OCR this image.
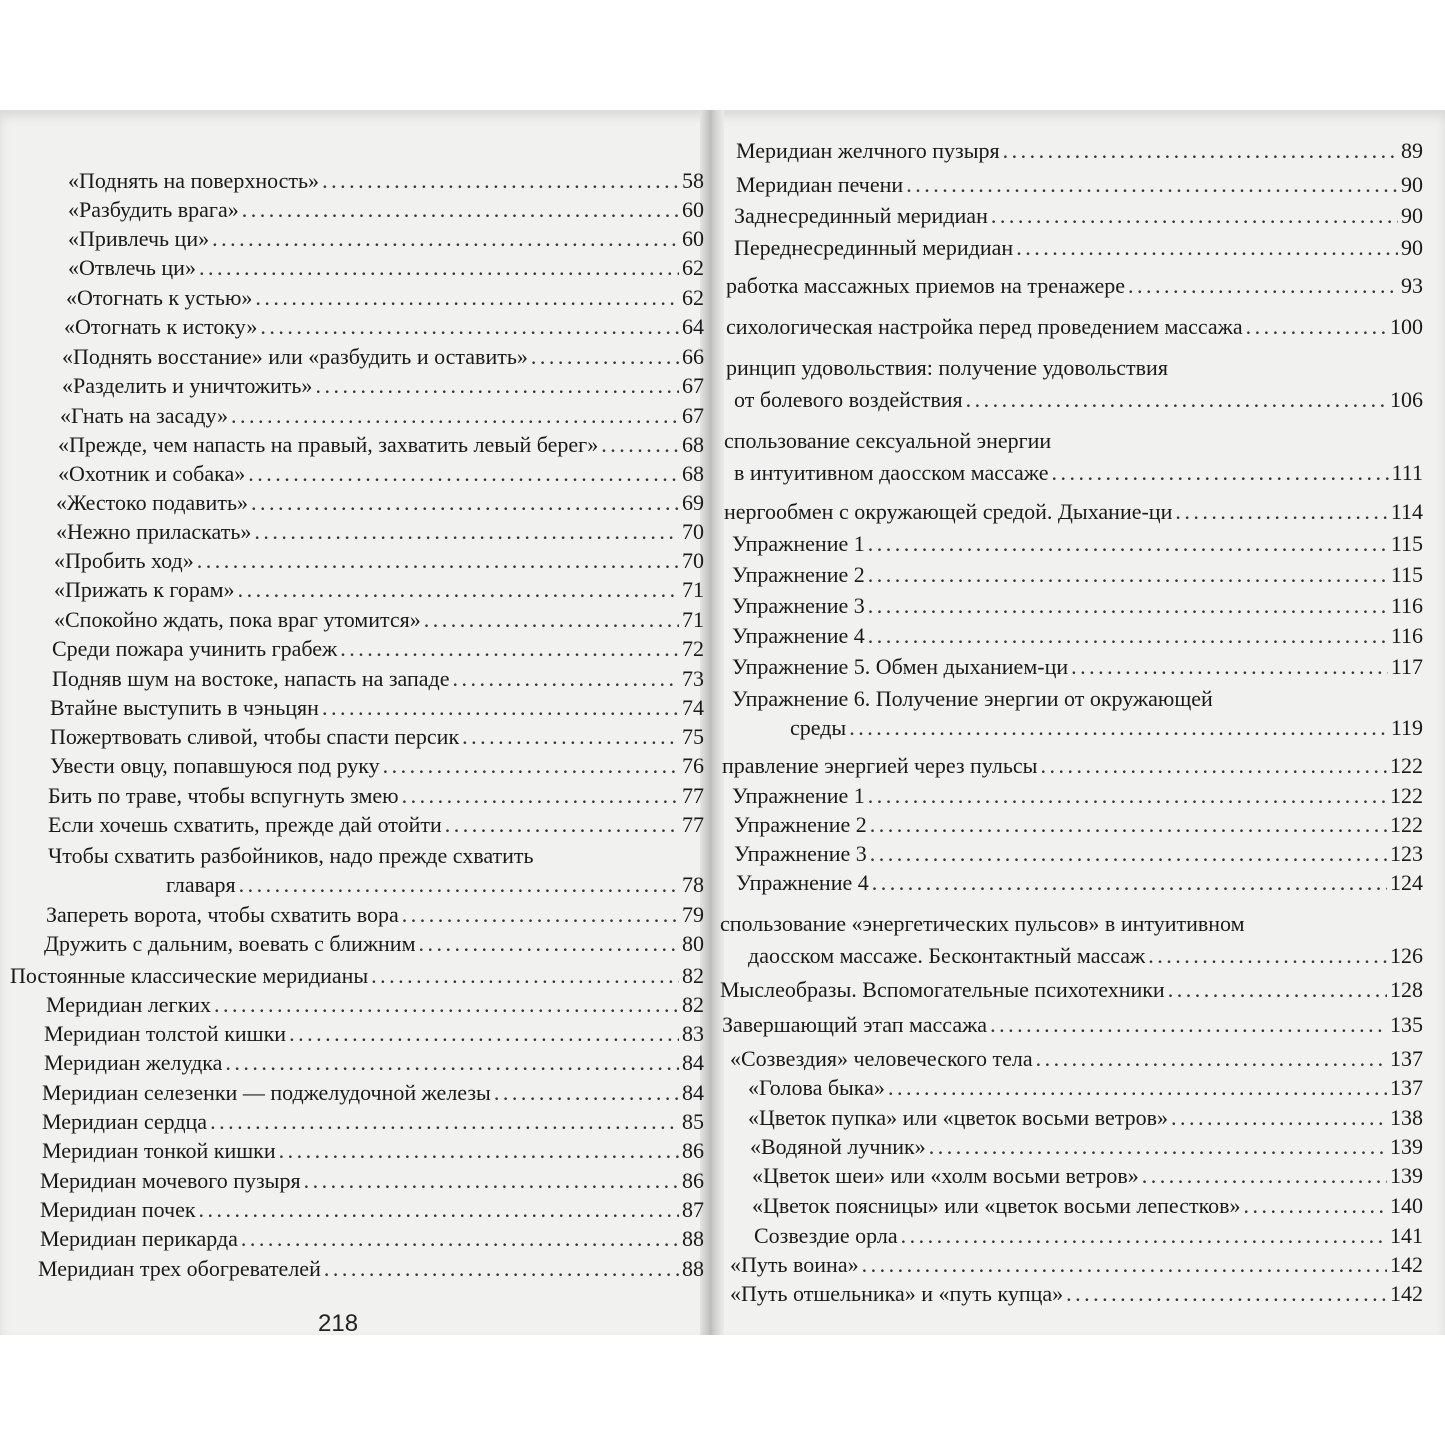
«Поднять на поверхность» . . .	58
«Разбудить врага» . . .	60
«Привлечь ци» . . .	60
«Отвлечь ци» . . .	62
«Отогнать к устью» . . .	62
«Отогнать к истоку» . . .	64
«Поднять восстание» или «разбудить и оставить» . . .	66
«Разделить и уничтожить» . . .	67
«Гнать на засаду» . . .	67
«Прежде, чем напасть на правый, захватить левый берег» . . .	68
«Охотник и собака» . . .	68
«Жестоко подавить» . . .	69
«Нежно приласкать» . . .	70
«Пробить ход» . . .	70
«Прижать к горам» . . .	71
«Спокойно ждать, пока враг утомится» . . .	71
Среди пожара учинить грабеж . . .	72
Подняв шум на востоке, напасть на западе . . .	73
Втайне выступить в чэньцян . . .	74
Пожертвовать сливой, чтобы спасти персик . . .	75
Увести овцу, попавшуюся под руку . . .	76
Бить по траве, чтобы вспугнуть змею . . .	77
Если хочешь схватить, прежде дай отойти . . .	77
Чтобы схватить разбойников, надо прежде схватить
главаря . . .	78
Запереть ворота, чтобы схватить вора . . .	79
Дружить с дальним, воевать с ближним . . .	80
Постоянные классические меридианы . . .	82
Меридиан легких . . .	82
Меридиан толстой кишки . . .	83
Меридиан желудка . . .	84
Меридиан селезенки — поджелудочной железы . . .	84
Меридиан сердца . . .	85
Меридиан тонкой кишки . . .	86
Меридиан мочевого пузыря . . .	86
Меридиан почек . . .	87
Меридиан перикарда . . .	88
Меридиан трех обогревателей . . .	88
218
Меридиан желчного пузыря . . .	89
Меридиан печени . . .	90
Заднесрединный меридиан . . .	90
Переднесрединный меридиан . . .	90
работка массажных приемов на тренажере . . .	93
сихологическая настройка перед проведением массажа . . .	100
ринцип удовольствия: получение удовольствия
от болевого воздействия . . .	106
спользование сексуальной энергии
в интуитивном даосском массаже . . .	111
нергообмен с окружающей средой. Дыхание-ци . . .	114
Упражнение 1 . . .	115
Упражнение 2 . . .	115
Упражнение 3 . . .	116
Упражнение 4 . . .	116
Упражнение 5. Обмен дыханием-ци . . .	117
Упражнение 6. Получение энергии от окружающей
среды . . .	119
правление энергией через пульсы . . .	122
Упражнение 1 . . .	122
Упражнение 2 . . .	122
Упражнение 3 . . .	123
Упражнение 4 . . .	124
спользование «энергетических пульсов» в интуитивном
даосском массаже. Бесконтактный массаж . . .	126
Мыслеобразы. Вспомогательные психотехники . . .	128
Завершающий этап массажа . . .	135
«Созвездия» человеческого тела . . .	137
«Голова быка» . . .	137
«Цветок пупка» или «цветок восьми ветров» . . .	138
«Водяной лучник» . . .	139
«Цветок шеи» или «холм восьми ветров» . . .	139
«Цветок поясницы» или «цветок восьми лепестков» . . .	140
Созвездие орла . . .	141
«Путь воина» . . .	142
«Путь отшельника» и «путь купца» . . .	142
